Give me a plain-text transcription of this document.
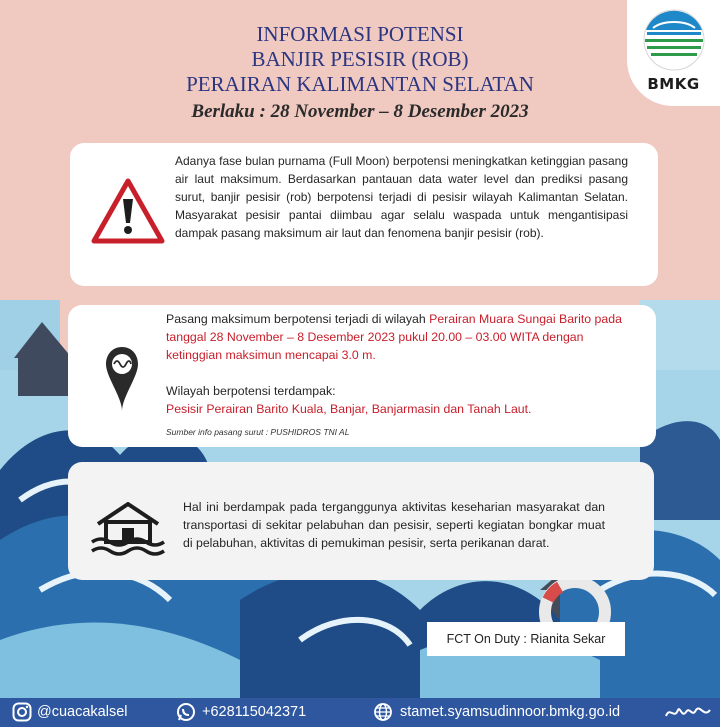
BMKG
INFORMASI POTENSI
BANJIR PESISIR (ROB)
PERAIRAN KALIMANTAN SELATAN
Berlaku : 28 November – 8 Desember 2023
Adanya fase bulan purnama (Full Moon) berpotensi meningkatkan ketinggian pasang air laut maksimum. Berdasarkan pantauan data water level dan prediksi pasang surut, banjir pesisir (rob) berpotensi terjadi di pesisir wilayah Kalimantan Selatan. Masyarakat pesisir pantai diimbau agar selalu waspada untuk mengantisipasi dampak pasang maksimum air laut dan fenomena banjir pesisir (rob).
Pasang maksimum berpotensi terjadi di wilayah Perairan Muara Sungai Barito pada tanggal 28 November – 8 Desember 2023 pukul 20.00 – 03.00 WITA dengan ketinggian maksimun mencapai 3.0 m.
Wilayah berpotensi terdampak:
Pesisir Perairan Barito Kuala, Banjar, Banjarmasin dan Tanah Laut.
Sumber info pasang surut : PUSHIDROS TNI AL
Hal ini berdampak pada terganggunya aktivitas keseharian masyarakat dan transportasi di sekitar pelabuhan dan pesisir, seperti kegiatan bongkar muat di pelabuhan, aktivitas di pemukiman pesisir, serta perikanan darat.
FCT On Duty : Rianita Sekar
@cuacakalsel	+628115042371	stamet.syamsudinnoor.bmkg.go.id
